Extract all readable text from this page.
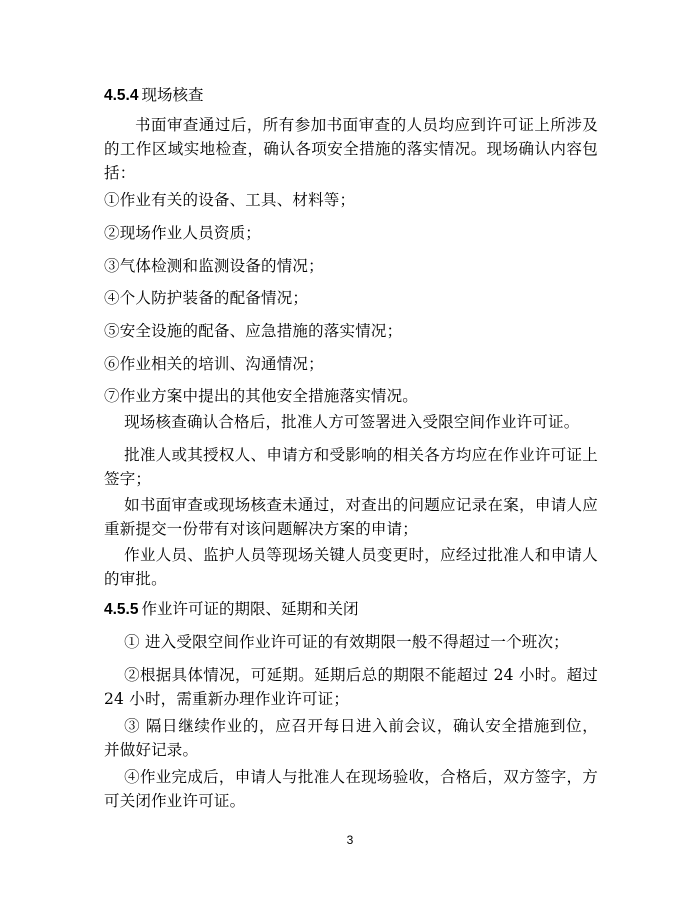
4.5.4 现场核查
书面审查通过后，所有参加书面审查的人员均应到许可证上所涉及的工作区域实地检查，确认各项安全措施的落实情况。现场确认内容包括：
①作业有关的设备、工具、材料等；
②现场作业人员资质；
③气体检测和监测设备的情况；
④个人防护装备的配备情况；
⑤安全设施的配备、应急措施的落实情况；
⑥作业相关的培训、沟通情况；
⑦作业方案中提出的其他安全措施落实情况。
现场核查确认合格后，批准人方可签署进入受限空间作业许可证。
批准人或其授权人、申请方和受影响的相关各方均应在作业许可证上签字；
如书面审查或现场核查未通过，对查出的问题应记录在案，申请人应重新提交一份带有对该问题解决方案的申请；
作业人员、监护人员等现场关键人员变更时，应经过批准人和申请人的审批。
4.5.5 作业许可证的期限、延期和关闭
① 进入受限空间作业许可证的有效期限一般不得超过一个班次；
②根据具体情况，可延期。延期后总的期限不能超过 24 小时。超过 24 小时，需重新办理作业许可证；
③ 隔日继续作业的，应召开每日进入前会议，确认安全措施到位，并做好记录。
④作业完成后，申请人与批准人在现场验收，合格后，双方签字，方可关闭作业许可证。
3
